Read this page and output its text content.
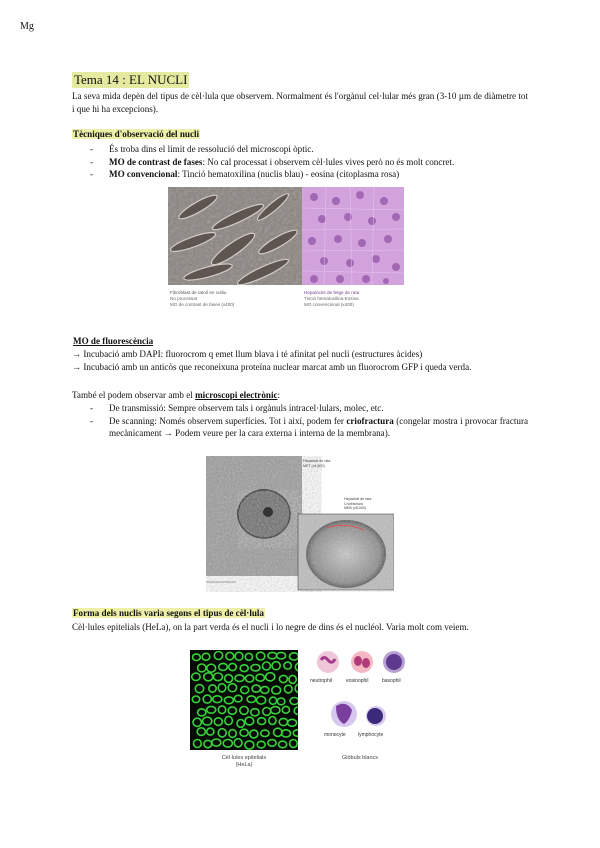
Mg
Tema 14 : EL NUCLI
La seva mida depèn del tipus de cèl·lula que observem. Normalment és l'orgànul cel·lular més gran (3-10 µm de diàmetre tot i que hi ha excepcions).
Tècniques d'observació del nucli
- És troba dins el límit de ressolució del microscopi òptic.
- MO de contrast de fases: No cal processat i observem cèl·lules vives però no és molt concret.
- MO convencional: Tinció hematoxilina (nuclis blau) - eosina (citoplasma rosa)
Fibroblast de ratolí en cultiu
No processat
MO de contrast de fases (x400)
Hepatòcits de fetge de rata
Tinció hematoxilina-Eosina
MO convencional (x400)
MO de fluorescència
→ Incubació amb DAPI: fluorocrom q emet llum blava i té afinitat pel nucli (estructures àcides)
→ Incubació amb un anticòs que reconeixuna proteïna nuclear marcat amb un fluorocrom GFP i queda verda.
També el podem observar amb el microscopi electrònic:
- De transmissió: Sempre observem tals i orgànuls intracel·lulars, molec, etc.
- De scanning: Només observem superfícies. Tot i així, podem fer criofractura (congelar mostra i provocar fractura mecànicament → Podem veure per la cara externa i interna de la membrana).
Hepatòcit de rata
MET (x4.800)
Hepatòcit de rata
Criofractura
MEB (x8.000)
Forma dels nuclis varia segons el tipus de cèl·lula
Cèl·lules epitelials (HeLa), on la part verda és el nucli i lo negre de dins és el nucléol. Varia molt com veiem.
Cèl·lules epitelials
(HeLa)
neutrophil	eosinophil	basophil
monocyte lymphocyte
Glòbuls blancs
